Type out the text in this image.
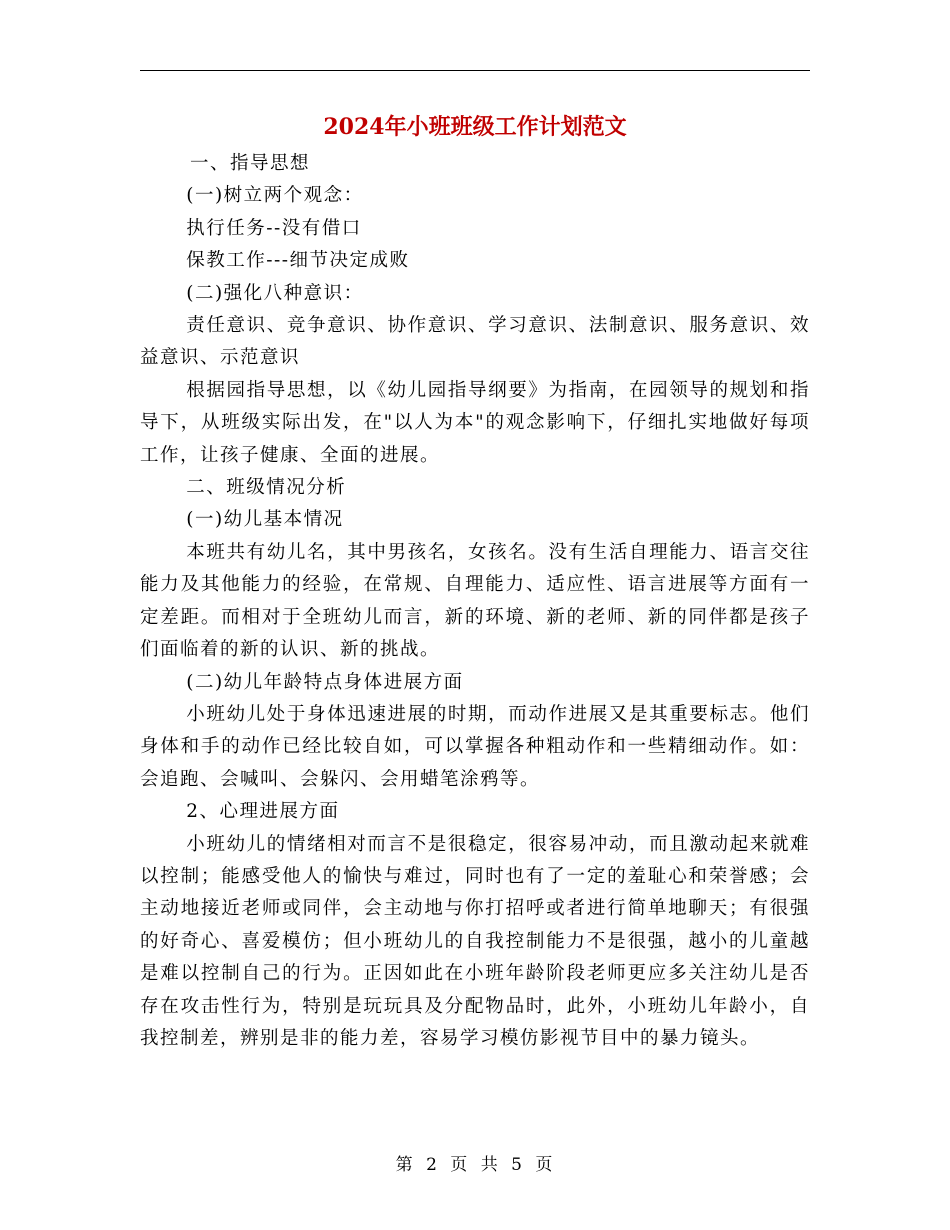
2024年小班班级工作计划范文

一、指导思想

(一)树立两个观念：

执行任务--没有借口

保教工作---细节决定成败

(二)强化八种意识：

责任意识、竞争意识、协作意识、学习意识、法制意识、服务意识、效益意识、示范意识

根据园指导思想，以《幼儿园指导纲要》为指南，在园领导的规划和指导下，从班级实际出发，在"以人为本"的观念影响下，仔细扎实地做好每项工作，让孩子健康、全面的进展。

二、班级情况分析

(一)幼儿基本情况

本班共有幼儿名，其中男孩名，女孩名。没有生活自理能力、语言交往能力及其他能力的经验，在常规、自理能力、适应性、语言进展等方面有一定差距。而相对于全班幼儿而言，新的环境、新的老师、新的同伴都是孩子们面临着的新的认识、新的挑战。

(二)幼儿年龄特点身体进展方面

小班幼儿处于身体迅速进展的时期，而动作进展又是其重要标志。他们身体和手的动作已经比较自如，可以掌握各种粗动作和一些精细动作。如：会追跑、会喊叫、会躲闪、会用蜡笔涂鸦等。

2、心理进展方面

小班幼儿的情绪相对而言不是很稳定，很容易冲动，而且激动起来就难以控制；能感受他人的愉快与难过，同时也有了一定的羞耻心和荣誉感；会主动地接近老师或同伴，会主动地与你打招呼或者进行简单地聊天；有很强的好奇心、喜爱模仿；但小班幼儿的自我控制能力不是很强，越小的儿童越是难以控制自己的行为。正因如此在小班年龄阶段老师更应多关注幼儿是否存在攻击性行为，特别是玩玩具及分配物品时，此外，小班幼儿年龄小，自我控制差，辨别是非的能力差，容易学习模仿影视节目中的暴力镜头。

第 2 页 共 5 页
